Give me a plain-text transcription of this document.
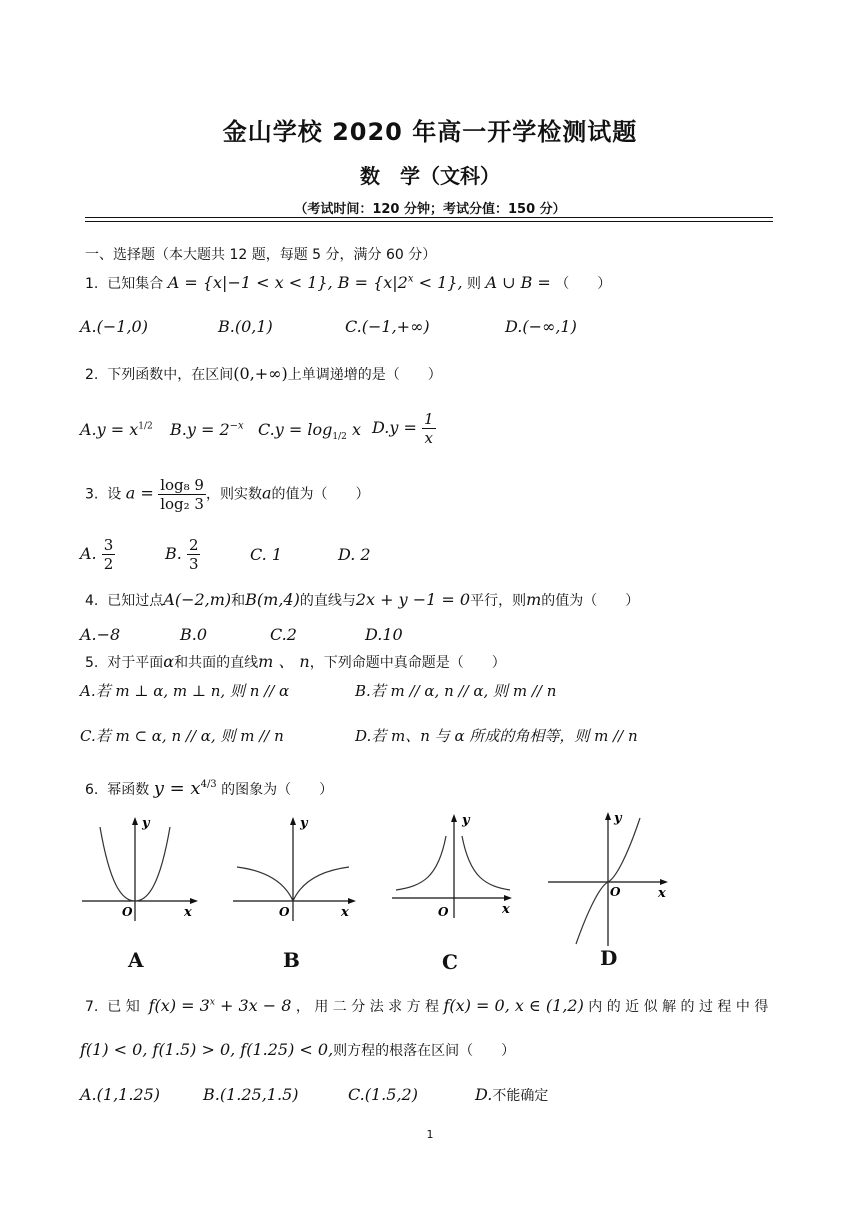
金山学校 2020 年高一开学检测试题
数　学（文科）
（考试时间：120 分钟；考试分值：150 分）
一、选择题（本大题共 12 题，每题 5 分，满分 60 分）
1. 已知集合 A = {x|−1 < x < 1}, $B = \{x|2^x < 1\}$, 则 A ∪ B = （　　）
A.(−1,0)	B.(0,1)	C.(−1,+∞)	D.(−∞,1)
2. 下列函数中，在区间(0,+∞)上单调递增的是（　　）
$A.y = x^{1/2}$ $B.y = 2^{-x}$ $C.y = \log_{1/2} x$ $D.y = \frac{1}{x}$
3. 设 $a = \frac{\text{log₈ 9}}{\text{log₂ 3}}$ ，则实数a的值为（　　）
A. $\frac{3}{2}$	B. $\frac{2}{3}$	C. 1	D. 2
4. 已知过点A(−2,m)和B(m,4)的直线与2x + y −1 = 0平行，则m的值为（　　）
A.−8	B.0	C.2	D.10
5. 对于平面α和共面的直线m 、 n，下列命题中真命题是（　　）
A.若 m ⊥ α, m ⊥ n, 则 n // α	B.若 m // α, n // α, 则 m // n
C.若 m ⊂ α, n // α, 则 m // n	D.若 m、n 与 α 所成的角相等，则 m // n
6. 幂函数 $y = x^{4/3}$ 的图象为（　　）
y
x
O
A
y
x
O
B
y
x
O
C
y
x
O
D
7. 已 知 $f(x) = 3^x + 3x - 8$ ， 用 二 分 法 求 方 程 f(x) = 0, x ∈ (1,2) 内 的 近 似 解 的 过 程 中 得
f(1) < 0, f(1.5) > 0, f(1.25) < 0,则方程的根落在区间（　　）
A.(1,1.25)	B.(1.25,1.5)	C.(1.5,2)	D.不能确定
1
